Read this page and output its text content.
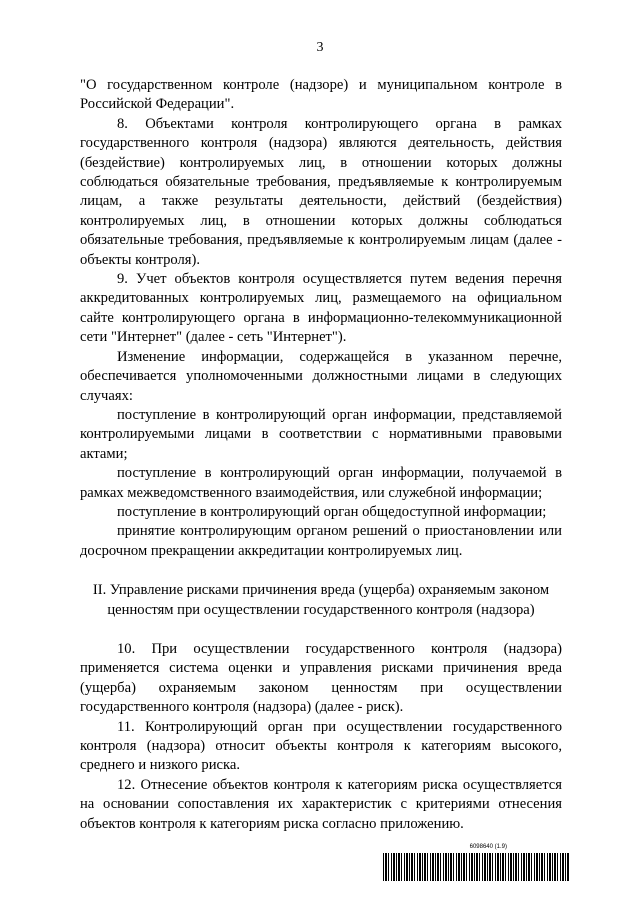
3

"О государственном контроле (надзоре) и муниципальном контроле в Российской Федерации".

8. Объектами контроля контролирующего органа в рамках государственного контроля (надзора) являются деятельность, действия (бездействие) контролируемых лиц, в отношении которых должны соблюдаться обязательные требования, предъявляемые к контролируемым лицам, а также результаты деятельности, действий (бездействия) контролируемых лиц, в отношении которых должны соблюдаться обязательные требования, предъявляемые к контролируемым лицам (далее - объекты контроля).

9. Учет объектов контроля осуществляется путем ведения перечня аккредитованных контролируемых лиц, размещаемого на официальном сайте контролирующего органа в информационно-телекоммуникационной сети "Интернет" (далее - сеть "Интернет").

Изменение информации, содержащейся в указанном перечне, обеспечивается уполномоченными должностными лицами в следующих случаях:

поступление в контролирующий орган информации, представляемой контролируемыми лицами в соответствии с нормативными правовыми актами;

поступление в контролирующий орган информации, получаемой в рамках межведомственного взаимодействия, или служебной информации;

поступление в контролирующий орган общедоступной информации;

принятие контролирующим органом решений о приостановлении или досрочном прекращении аккредитации контролируемых лиц.

II. Управление рисками причинения вреда (ущерба) охраняемым законом
ценностям при осуществлении государственного контроля (надзора)

10. При осуществлении государственного контроля (надзора) применяется система оценки и управления рисками причинения вреда (ущерба) охраняемым законом ценностям при осуществлении государственного контроля (надзора) (далее - риск).

11. Контролирующий орган при осуществлении государственного контроля (надзора) относит объекты контроля к категориям высокого, среднего и низкого риска.

12. Отнесение объектов контроля к категориям риска осуществляется на основании сопоставления их характеристик с критериями отнесения объектов контроля к категориям риска согласно приложению.

6098640 (1.9)
